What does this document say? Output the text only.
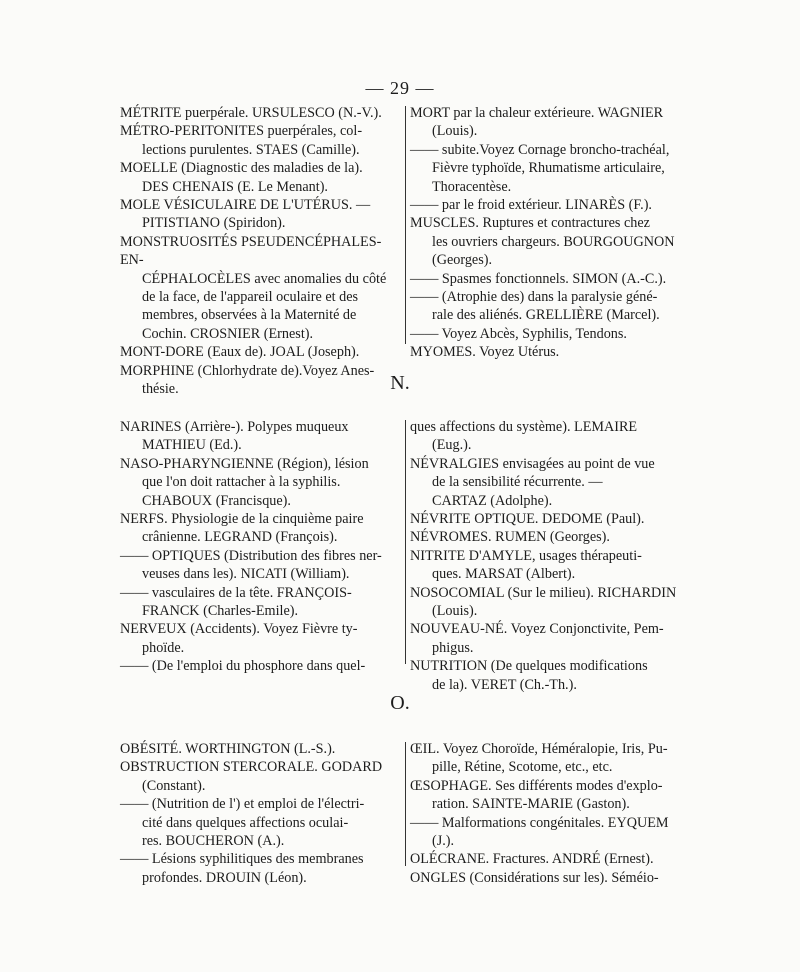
— 29 —
MÉTRITE puerpérale. URSULESCO (N.-V.).
MÉTRO-PERITONITES puerpérales, col-
lections purulentes. STAES (Camille).
MOELLE (Diagnostic des maladies de la).
DES CHENAIS (E. Le Menant).
MOLE VÉSICULAIRE DE L'UTÉRUS. —
PITISTIANO (Spiridon).
MONSTRUOSITÉS PSEUDENCÉPHALES-EN-
CÉPHALOCÈLES avec anomalies du côté
de la face, de l'appareil oculaire et des
membres, observées à la Maternité de
Cochin. CROSNIER (Ernest).
MONT-DORE (Eaux de). JOAL (Joseph).
MORPHINE (Chlorhydrate de).Voyez Anes-
thésie.
MORT par la chaleur extérieure. WAGNIER
(Louis).
—— subite.Voyez Cornage broncho-trachéal,
Fièvre typhoïde, Rhumatisme articulaire,
Thoracentèse.
—— par le froid extérieur. LINARÈS (F.).
MUSCLES. Ruptures et contractures chez
les ouvriers chargeurs. BOURGOUGNON
(Georges).
—— Spasmes fonctionnels. SIMON (A.-C.).
—— (Atrophie des) dans la paralysie géné-
rale des aliénés. GRELLIÈRE (Marcel).
—— Voyez Abcès, Syphilis, Tendons.
MYOMES. Voyez Utérus.
N.
NARINES (Arrière-). Polypes muqueux
MATHIEU (Ed.).
NASO-PHARYNGIENNE (Région), lésion
que l'on doit rattacher à la syphilis.
CHABOUX (Francisque).
NERFS. Physiologie de la cinquième paire
crânienne. LEGRAND (François).
—— OPTIQUES (Distribution des fibres ner-
veuses dans les). NICATI (William).
—— vasculaires de la tête. FRANÇOIS-
FRANCK (Charles-Emile).
NERVEUX (Accidents). Voyez Fièvre ty-
phoïde.
—— (De l'emploi du phosphore dans quel-
ques affections du système). LEMAIRE
(Eug.).
NÉVRALGIES envisagées au point de vue
de la sensibilité récurrente. —
CARTAZ (Adolphe).
NÉVRITE OPTIQUE. DEDOME (Paul).
NÉVROMES. RUMEN (Georges).
NITRITE D'AMYLE, usages thérapeuti-
ques. MARSAT (Albert).
NOSOCOMIAL (Sur le milieu). RICHARDIN
(Louis).
NOUVEAU-NÉ. Voyez Conjonctivite, Pem-
phigus.
NUTRITION (De quelques modifications
de la). VERET (Ch.-Th.).
O.
OBÉSITÉ. WORTHINGTON (L.-S.).
OBSTRUCTION STERCORALE. GODARD
(Constant).
—— (Nutrition de l') et emploi de l'électri-
cité dans quelques affections oculai-
res. BOUCHERON (A.).
—— Lésions syphilitiques des membranes
profondes. DROUIN (Léon).
ŒIL. Voyez Choroïde, Héméralopie, Iris, Pu-
pille, Rétine, Scotome, etc., etc.
ŒSOPHAGE. Ses différents modes d'explo-
ration. SAINTE-MARIE (Gaston).
—— Malformations congénitales. EYQUEM
(J.).
OLÉCRANE. Fractures. ANDRÉ (Ernest).
ONGLES (Considérations sur les). Séméio-
